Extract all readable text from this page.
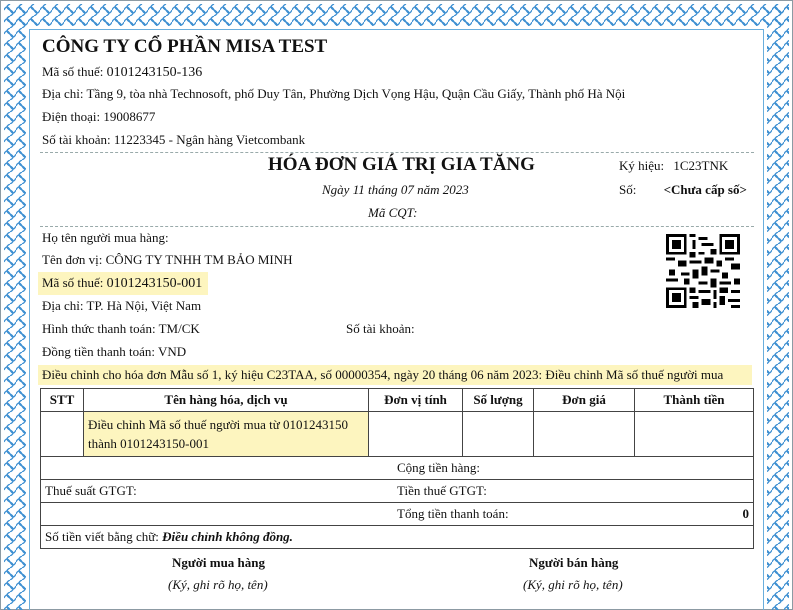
CÔNG TY CỔ PHẦN MISA TEST
Mã số thuế: 0101243150-136
Địa chỉ: Tầng 9, tòa nhà Technosoft, phố Duy Tân, Phường Dịch Vọng Hậu, Quận Cầu Giấy, Thành phố Hà Nội
Điện thoại: 19008677
Số tài khoản: 11223345 - Ngân hàng Vietcombank
HÓA ĐƠN GIÁ TRỊ GIA TĂNG
Ngày 11 tháng 07 năm 2023
Mã CQT:
Ký hiệu: 1C23TNK
Số: <Chưa cấp số>
Họ tên người mua hàng:
Tên đơn vị: CÔNG TY TNHH TM BẢO MINH
Mã số thuế: 0101243150-001
Địa chỉ: TP. Hà Nội, Việt Nam
Hình thức thanh toán: TM/CK	Số tài khoản:
Đồng tiền thanh toán: VND
Điều chỉnh cho hóa đơn Mẫu số 1, ký hiệu C23TAA, số 00000354, ngày 20 tháng 06 năm 2023: Điều chỉnh Mã số thuế người mua
STT	Tên hàng hóa, dịch vụ	Đơn vị tính	Số lượng	Đơn giá	Thành tiền

	Điều chỉnh Mã số thuế người mua từ 0101243150
thành 0101243150-001				

Cộng tiền hàng:					

Thuế suất GTGT: Tiền thuế GTGT:					

Tổng tiền thanh toán: 0					

Số tiền viết bằng chữ: Điều chỉnh không đồng.					
Người mua hàng
(Ký, ghi rõ họ, tên)
Người bán hàng
(Ký, ghi rõ họ, tên)
